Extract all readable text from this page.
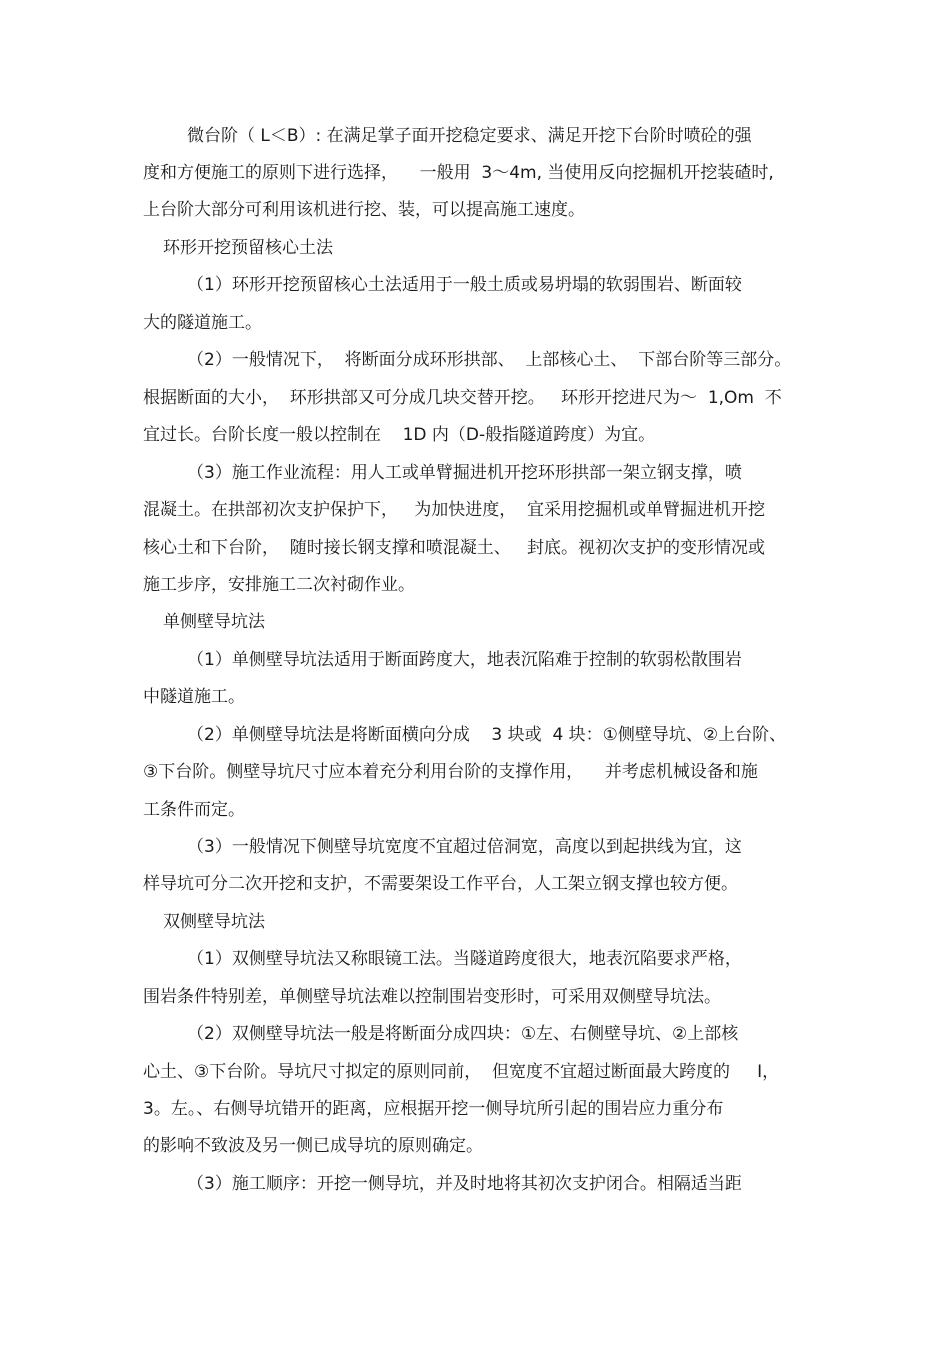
微台阶（ L＜B）: 在满足掌子面开挖稳定要求、满足开挖下台阶时喷砼的强
度和方便施工的原则下进行选择，    一般用  3～4m, 当使用反向挖掘机开挖装碴时,
上台阶大部分可利用该机进行挖、装，可以提高施工速度。
环形开挖预留核心土法
（1）环形开挖预留核心土法适用于一般土质或易坍塌的软弱围岩、断面较
大的隧道施工。
（2）一般情况下，  将断面分成环形拱部、  上部核心土、  下部台阶等三部分。
根据断面的大小，  环形拱部又可分成几块交替开挖。   环形开挖进尺为～  1,Om  不
宜过长。台阶长度一般以控制在    1D 内（D-般指隧道跨度）为宜。
（3）施工作业流程：用人工或单臂掘进机开挖环形拱部一架立钢支撑，喷
混凝土。在拱部初次支护保护下，   为加快进度，  宜采用挖掘机或单臂掘进机开挖
核心土和下台阶，  随时接长钢支撑和喷混凝土、   封底。视初次支护的变形情况或
施工步序，安排施工二次衬砌作业。
单侧壁导坑法
（1）单侧壁导坑法适用于断面跨度大，地表沉陷难于控制的软弱松散围岩
中隧道施工。
（2）单侧壁导坑法是将断面横向分成    3 块或  4 块：①侧壁导坑、②上台阶、
③下台阶。侧壁导坑尺寸应本着充分利用台阶的支撑作用，    并考虑机械设备和施
工条件而定。
（3）一般情况下侧壁导坑宽度不宜超过倍洞宽，高度以到起拱线为宜，这
样导坑可分二次开挖和支护，不需要架设工作平台，人工架立钢支撑也较方便。
双侧壁导坑法
（1）双侧壁导坑法又称眼镜工法。当隧道跨度很大，地表沉陷要求严格，
围岩条件特别差，单侧壁导坑法难以控制围岩变形时，可采用双侧壁导坑法。
（2）双侧壁导坑法一般是将断面分成四块：①左、右侧壁导坑、②上部核
心土、③下台阶。导坑尺寸拟定的原则同前，  但宽度不宜超过断面最大跨度的     I，
3。左。、右侧导坑错开的距离，应根据开挖一侧导坑所引起的围岩应力重分布
的影响不致波及另一侧已成导坑的原则确定。
（3）施工顺序：开挖一侧导坑，并及时地将其初次支护闭合。相隔适当距
